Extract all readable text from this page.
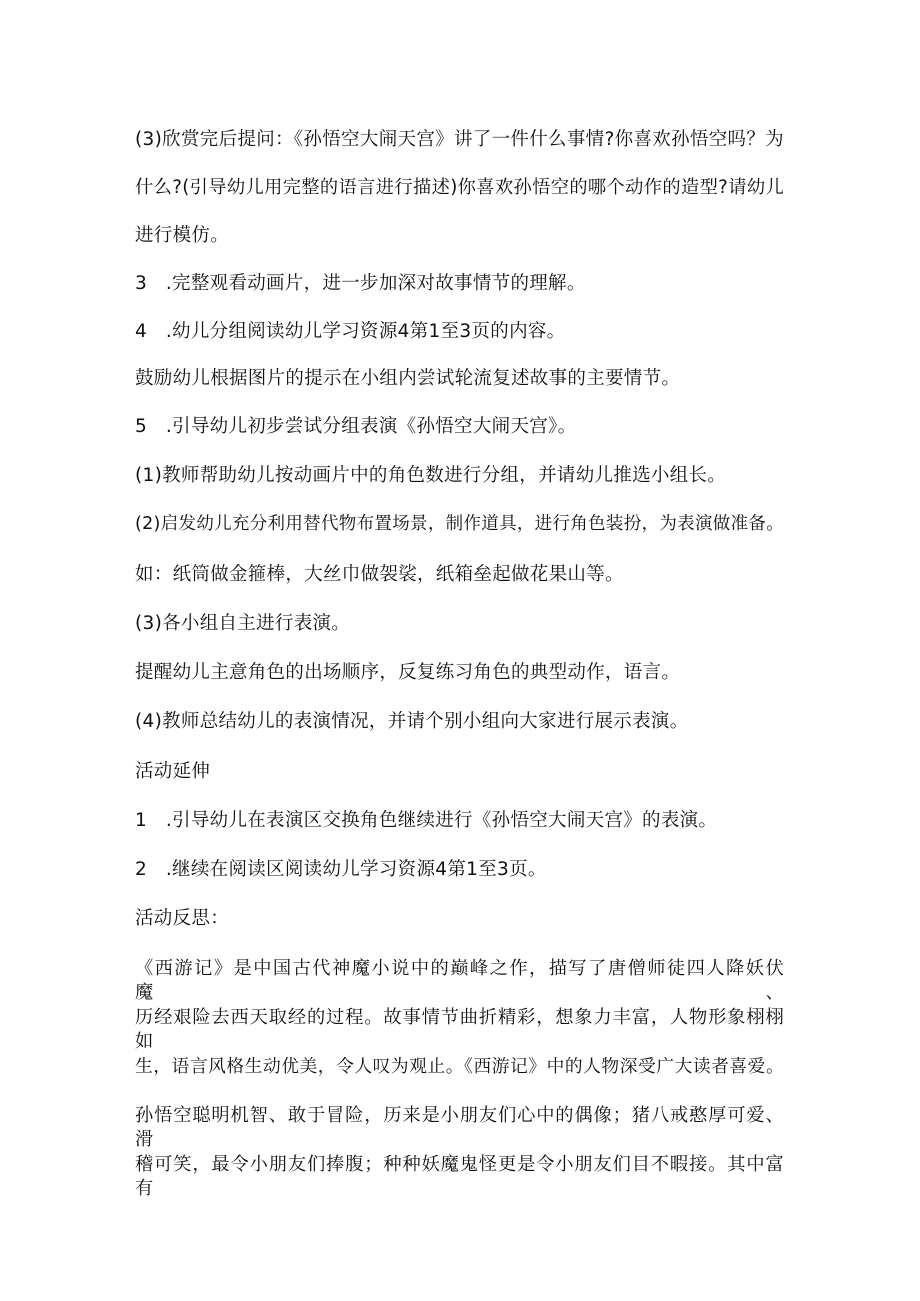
(3)欣赏完后提问：《孙悟空大闹天宫》讲了一件什么事情?你喜欢孙悟空吗？为
什么?(引导幼儿用完整的语言进行描述)你喜欢孙悟空的哪个动作的造型?请幼儿
进行模仿。
3　.完整观看动画片，进一步加深对故事情节的理解。
4　.幼儿分组阅读幼儿学习资源4第1至3页的内容。
鼓励幼儿根据图片的提示在小组内尝试轮流复述故事的主要情节。
5　.引导幼儿初步尝试分组表演《孙悟空大闹天宫》。
(1)教师帮助幼儿按动画片中的角色数进行分组，并请幼儿推选小组长。
(2)启发幼儿充分利用替代物布置场景，制作道具，进行角色装扮，为表演做准备。
如：纸筒做金箍棒，大丝巾做袈裟，纸箱垒起做花果山等。
(3)各小组自主进行表演。
提醒幼儿主意角色的出场顺序，反复练习角色的典型动作，语言。
(4)教师总结幼儿的表演情况，并请个别小组向大家进行展示表演。
活动延伸
1　.引导幼儿在表演区交换角色继续进行《孙悟空大闹天宫》的表演。
2　.继续在阅读区阅读幼儿学习资源4第1至3页。
活动反思：
《西游记》是中国古代神魔小说中的巅峰之作，描写了唐僧师徒四人降妖伏魔、
历经艰险去西天取经的过程。故事情节曲折精彩，想象力丰富，人物形象栩栩如
生，语言风格生动优美，令人叹为观止。《西游记》中的人物深受广大读者喜爱。
孙悟空聪明机智、敢于冒险，历来是小朋友们心中的偶像；猪八戒憨厚可爱、滑
稽可笑，最令小朋友们捧腹；种种妖魔鬼怪更是令小朋友们目不暇接。其中富有
